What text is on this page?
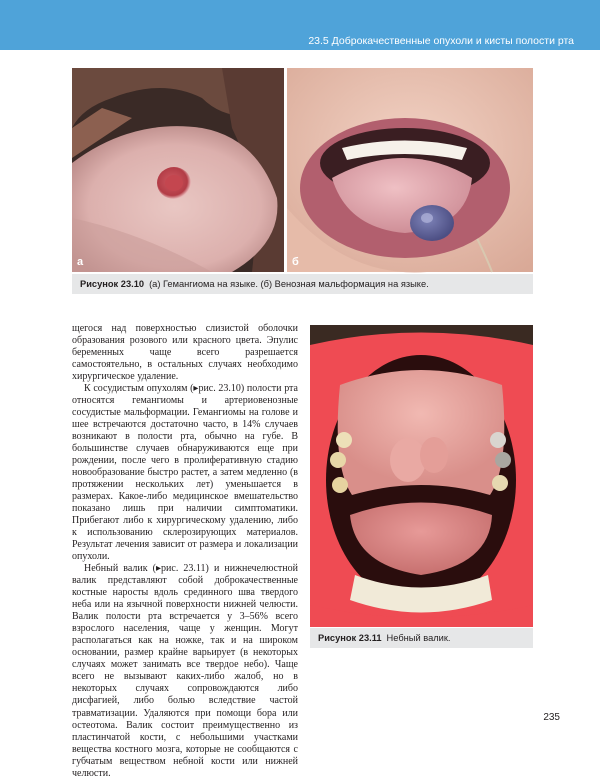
23.5 Доброкачественные опухоли и кисты полости рта
а	б
Рисунок 23.10 (а) Гемангиома на языке. (б) Венозная мальформация на языке.
Рисунок 23.11 Небный валик.

щегося над поверхностью слизистой оболочки образования розового или красного цвета. Эпулис беременных чаще всего разрешается самостоятельно, в остальных случаях необходимо хирургическое удаление.

К сосудистым опухолям (▸рис. 23.10) полости рта относятся гемангиомы и артериовенозные сосудистые мальформации. Гемангиомы на голове и шее встречаются достаточно часто, в 14% случаев возникают в полости рта, обычно на губе. В большинстве случаев обнаруживаются еще при рождении, после чего в пролиферативную стадию новообразование быстро растет, а затем медленно (в протяжении нескольких лет) уменьшается в размерах. Какое-либо медицинское вмешательство показано лишь при наличии симптоматики. Прибегают либо к хирургическому удалению, либо к использованию склерозирующих материалов. Результат лечения зависит от размера и локализации опухоли.

Небный валик (▸рис. 23.11) и нижнечелюстной валик представляют собой доброкачественные костные наросты вдоль срединного шва твердого неба или на язычной поверхности нижней челюсти. Валик полости рта встречается у 3–56% всего взрослого населения, чаще у женщин. Могут располагаться как на ножке, так и на широком основании, размер крайне варьирует (в некоторых случаях может занимать все твердое небо). Чаще всего не вызывают каких-либо жалоб, но в некоторых случаях сопровождаются либо дисфагией, либо болью вследствие частой травматизации. Удаляются при помощи бора или остеотома. Валик состоит преимущественно из пластинчатой кости, с небольшими участками вещества костного мозга, которые не сообщаются с губчатым веществом небной кости или нижней челюсти.

235
